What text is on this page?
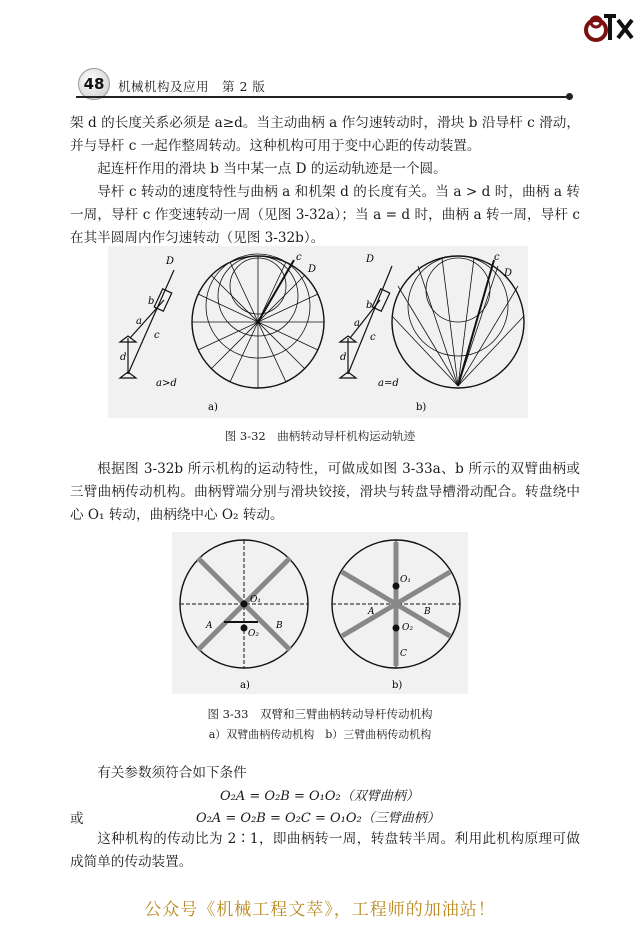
48	机械机构及应用　第 2 版

架 d 的长度关系必须是 a≥d。当主动曲柄 a 作匀速转动时，滑块 b 沿导杆 c 滑动，并与导杆 c 一起作整周转动。这种机构可用于变中心距的传动装置。

起连杆作用的滑块 b 当中某一点 D 的运动轨迹是一个圆。

导杆 c 转动的速度特性与曲柄 a 和机架 d 的长度有关。当 a > d 时，曲柄 a 转一周，导杆 c 作变速转动一周（见图 3-32a）；当 a = d 时，曲柄 a 转一周，导杆 c 在其半圆周内作匀速转动（见图 3-32b）。

D
b
a
c
d
a>d
c
D
a)
D
b
a
c
d
a=d
c
D
b)
图 3-32　曲柄转动导杆机构运动轨迹
根据图 3-32b 所示机构的运动特性，可做成如图 3-33a、b 所示的双臂曲柄或三臂曲柄传动机构。曲柄臂端分别与滑块铰接，滑块与转盘导槽滑动配合。转盘绕中心 O₁ 转动，曲柄绕中心 O₂ 转动。
O₁
A
O₂
B
a)
O₁
A
O₂
B
C
b)
图 3-33　双臂和三臂曲柄转动导杆传动机构
a）双臂曲柄传动机构　b）三臂曲柄传动机构
有关参数须符合如下条件
O₂A = O₂B = O₁O₂（双臂曲柄）
或	O₂A = O₂B = O₂C = O₁O₂（三臂曲柄）
这种机构的传动比为 2∶1，即曲柄转一周，转盘转半周。利用此机构原理可做成简单的传动装置。
公众号《机械工程文萃》，工程师的加油站！
